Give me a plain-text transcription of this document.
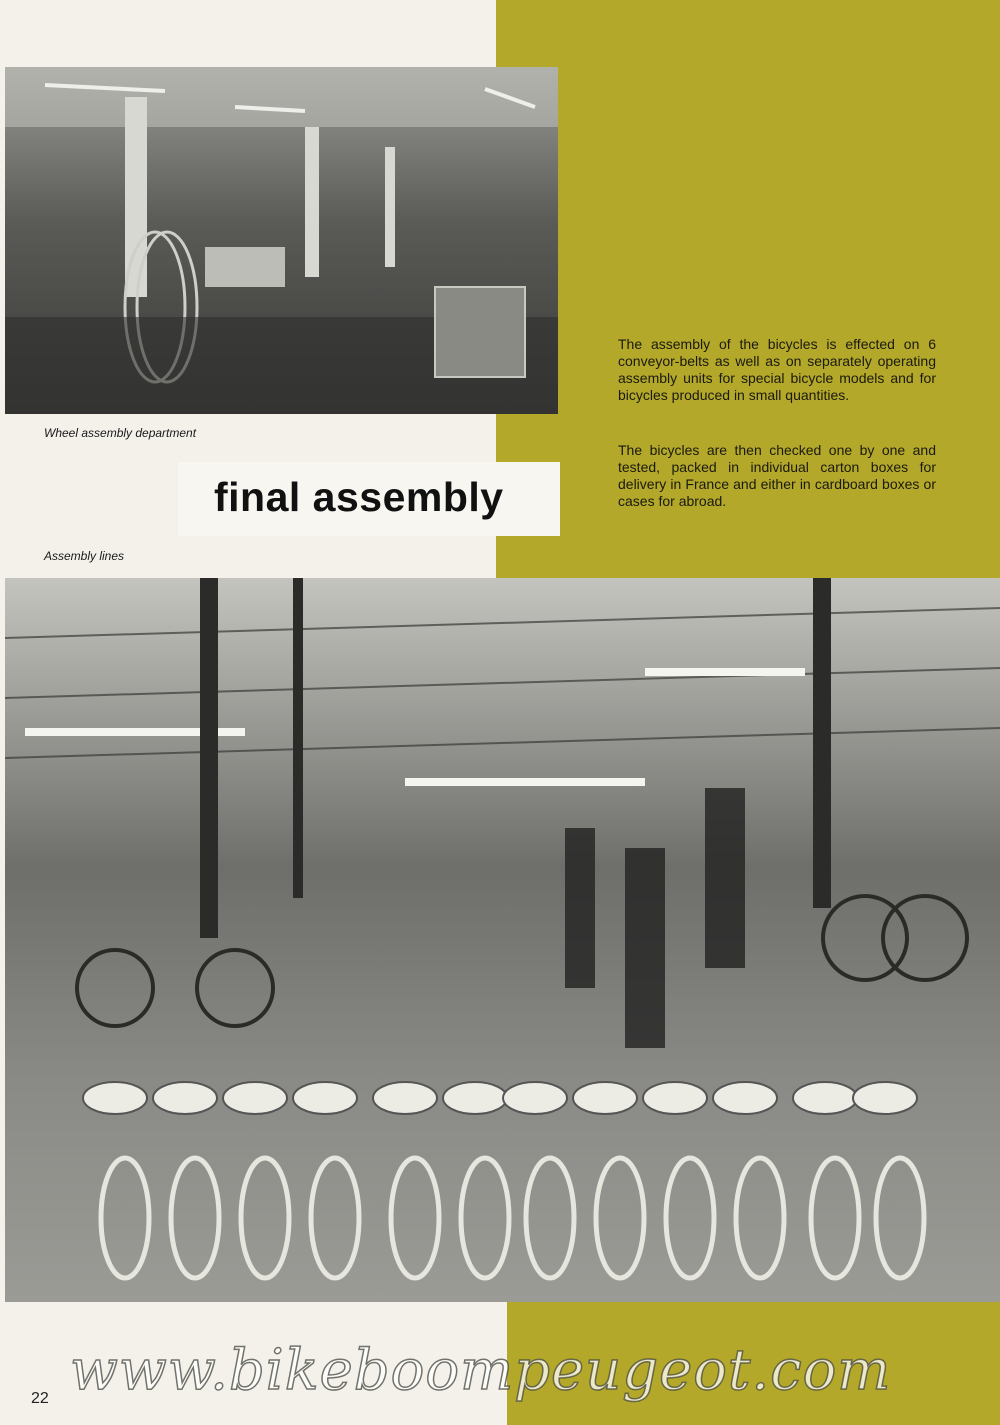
Wheel assembly department
final assembly
Assembly lines
The assembly of the bicycles is effected on 6 conveyor-belts as well as on separately operating assembly units for special bicycle models and for bicycles produced in small quantities.
The bicycles are then checked one by one and tested, packed in individual carton boxes for delivery in France and either in cardboard boxes or cases for abroad.
www.bikeboompeugeot.com
22
